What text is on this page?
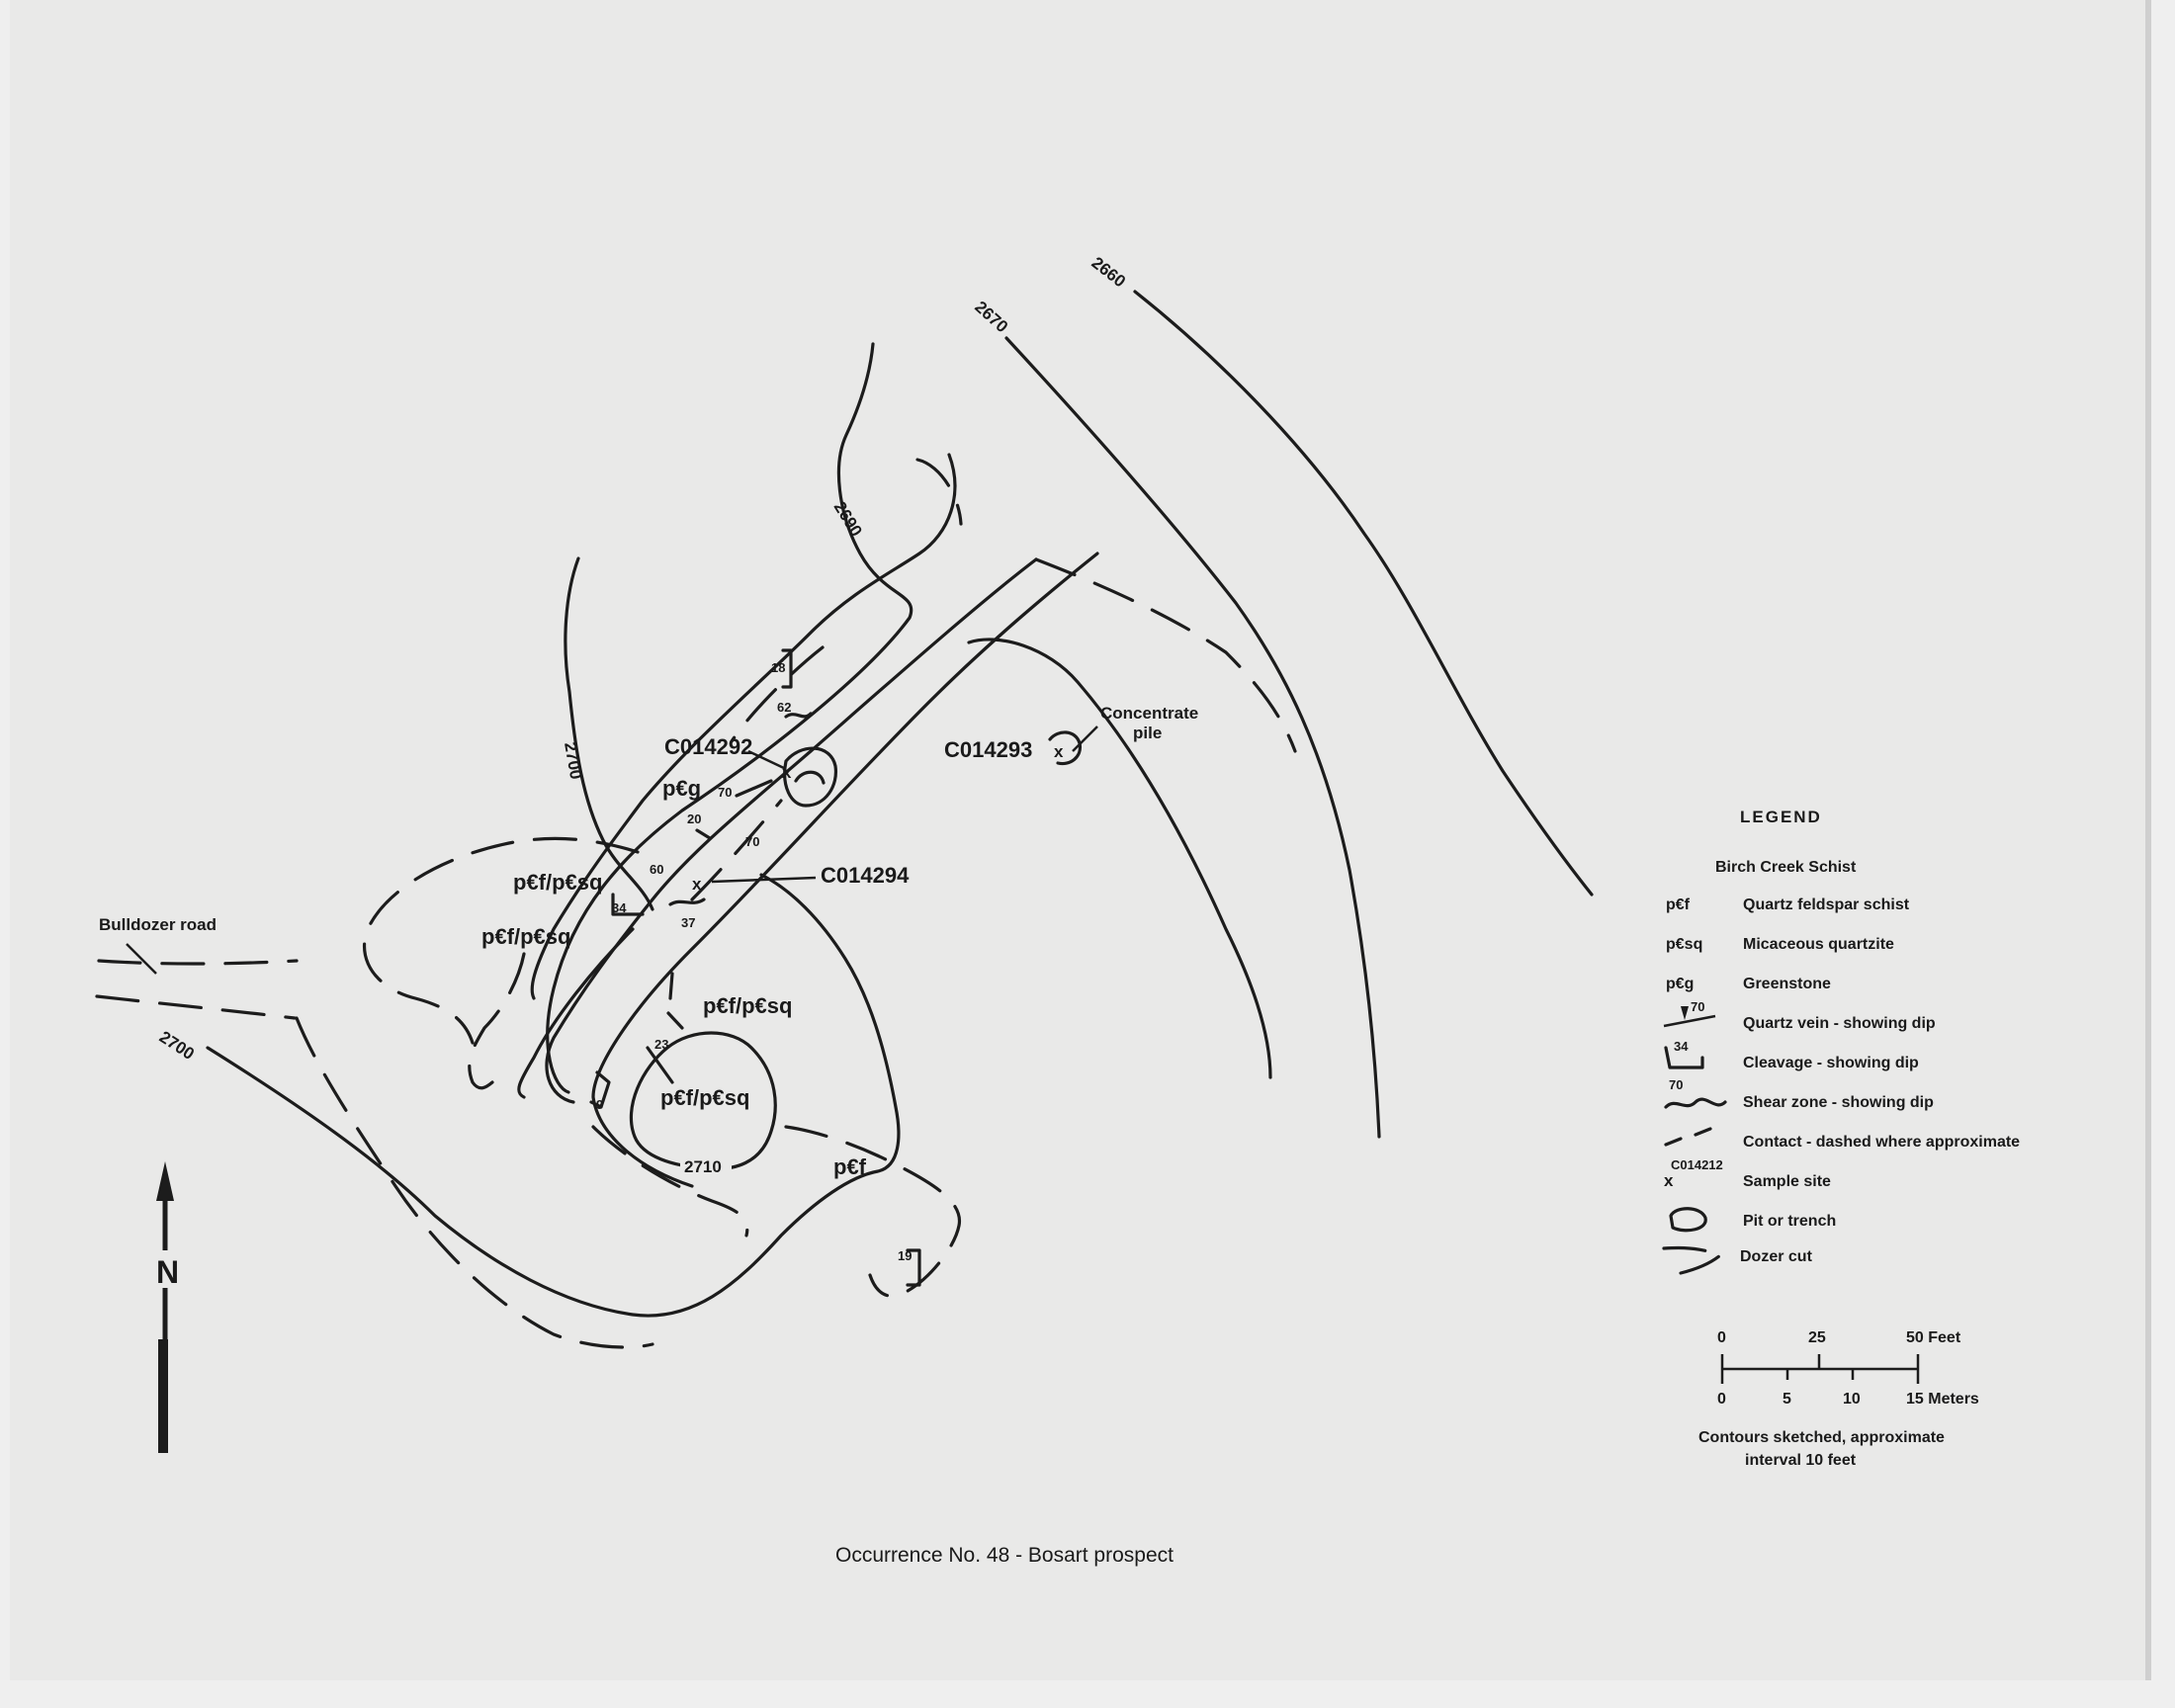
x
x
x
N
2660
2670
2690
2700
2700
2710
C014292	C014293
C014294
p€g
p€f/p€sq
p€f/p€sq
p€f/p€sq
p€f/p€sq
p€f
18
62
70
20
70
60
34
37
23
9
19
Concentrate
pile
Bulldozer road
LEGEND
Birch Creek Schist
p€f	Quartz feldspar schist
p€sq	Micaceous quartzite
p€g	Greenstone
70
Quartz vein - showing dip
34
Cleavage - showing dip
70
Shear zone - showing dip
Contact - dashed where approximate
C014212
x	Sample site
Pit or trench
Dozer cut
0	25	50 Feet
0	5	10	15 Meters
Contours sketched, approximate
interval 10 feet
Occurrence No. 48 - Bosart prospect
